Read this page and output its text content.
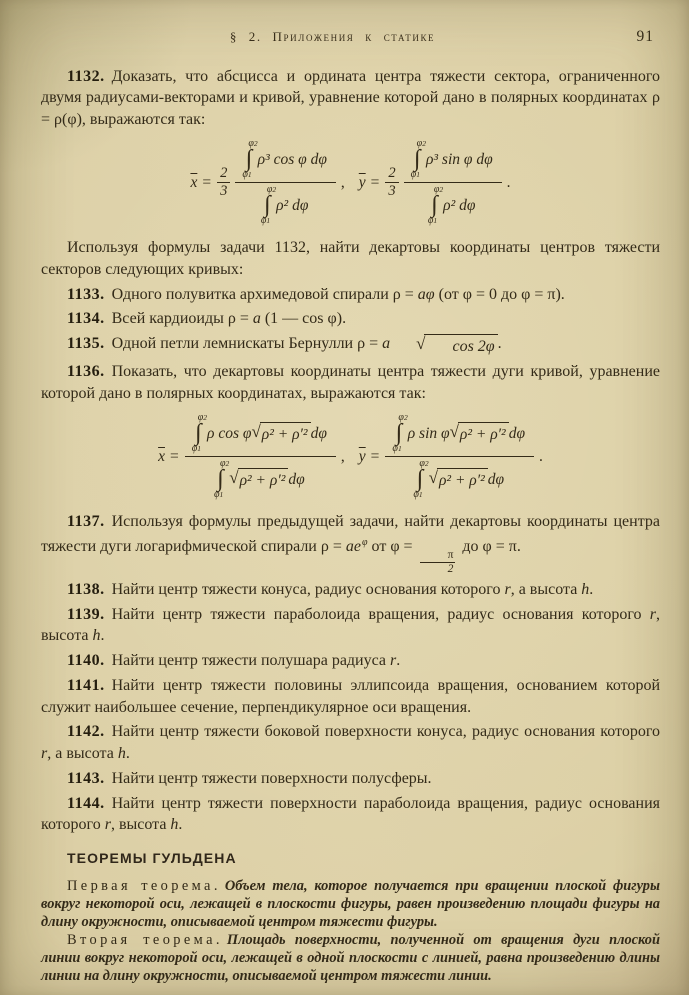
§ 2. Приложения к статике	91

1132. Доказать, что абсцисса и ордината центра тяжести сектора, ограниченного двумя радиусами-векторами и кривой, уравнение которой дано в полярных координатах ρ = ρ(φ), выражаются так:

$\overline{x} = \frac{2}{3} \varphi 2$
∫
φ1
ρ³ cos φ dφ
φ2
∫
φ1
ρ² dφ , $\overline{y} = \frac{2}{3} \varphi 2$
∫
φ1
ρ³ sin φ dφ
φ2
∫
φ1
ρ² dφ .

Используя формулы задачи 1132, найти декартовы координаты центров тяжести секторов следующих кривых:

1133. Одного полувитка архимедовой спирали ρ = aφ (от φ = 0 до φ = π).

1134. Всей кардиоиды ρ = a (1 — cos φ).

1135. Одной петли лемнискаты Бернулли ρ = a	√	cos 2φ .

1136. Показать, что декартовы координаты центра тяжести дуги кривой, уравнение которой дано в полярных координатах, выражаются так:

$\overline{x} = \varphi 2$
∫
φ1
ρ cos φ √ ρ² + ρ′² dφ
φ2
∫
φ1
√ ρ² + ρ′² dφ , $\overline{y} = \varphi 2$
∫
φ1
ρ sin φ √ ρ² + ρ′² dφ
φ2
∫
φ1
√ ρ² + ρ′² dφ .

1137. Используя формулы предыдущей задачи, найти декартовы координаты центра тяжести дуги логарифмической спирали $\rho = ae^\varphi$ от φ =
$\frac{\pi}{2}$
до φ = π.

1138. Найти центр тяжести конуса, радиус основания которого r, а высота h.

1139. Найти центр тяжести параболоида вращения, радиус основания которого r, высота h.

1140. Найти центр тяжести полушара радиуса r.

1141. Найти центр тяжести половины эллипсоида вращения, основанием которой служит наибольшее сечение, перпендикулярное оси вращения.

1142. Найти центр тяжести боковой поверхности конуса, радиус основания которого r, а высота h.

1143. Найти центр тяжести поверхности полусферы.

1144. Найти центр тяжести поверхности параболоида вращения, радиус основания которого r, высота h.

ТЕОРЕМЫ ГУЛЬДЕНА

Первая теорема. Объем тела, которое получается при вращении плоской фигуры вокруг некоторой оси, лежащей в плоскости фигуры, равен произведению площади фигуры на длину окружности, описываемой центром тяжести фигуры.

Вторая теорема. Площадь поверхности, полученной от вращения дуги плоской линии вокруг некоторой оси, лежащей в одной плоскости с линией, равна произведению длины линии на длину окружности, описываемой центром тяжести линии.
